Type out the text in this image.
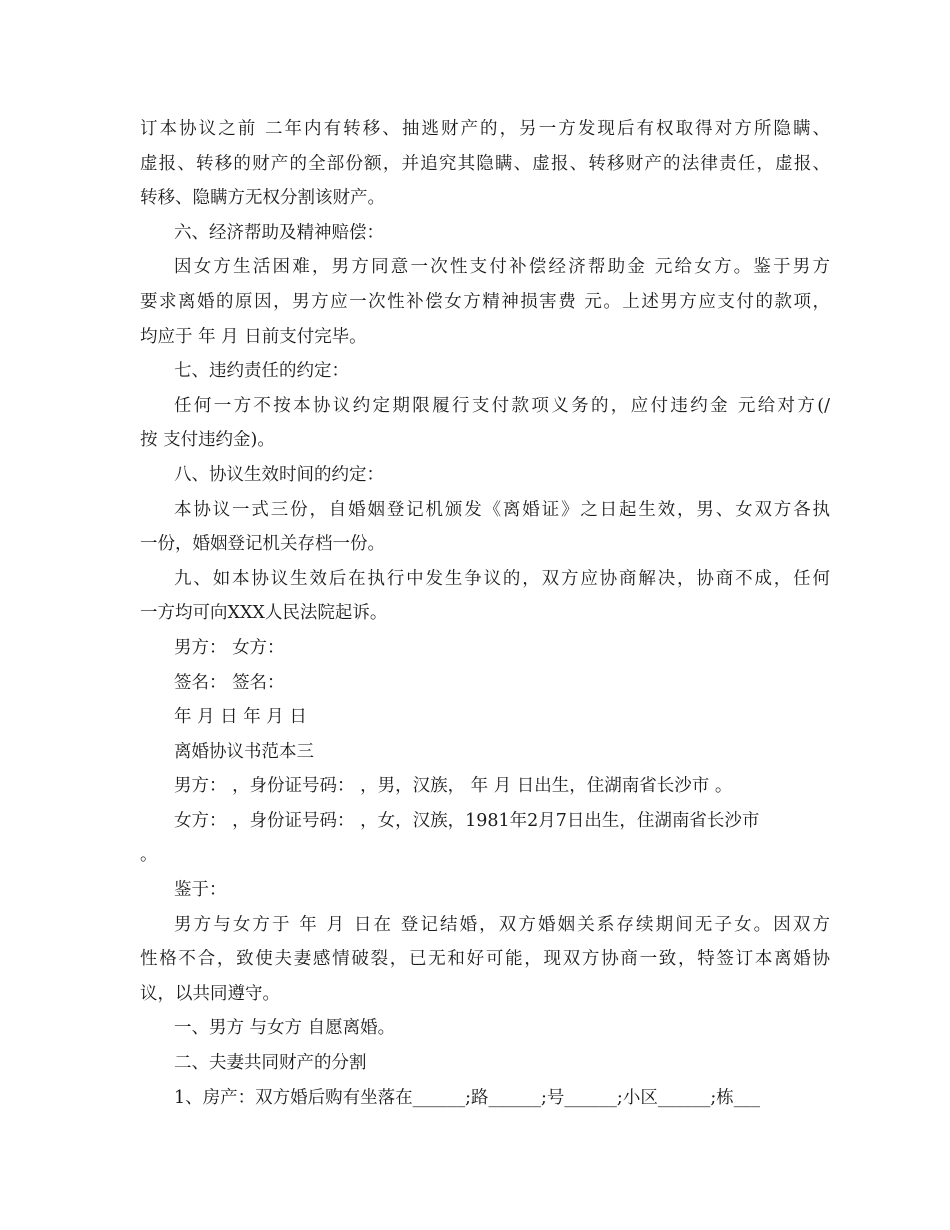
订本协议之前 二年内有转移、抽逃财产的，另一方发现后有权取得对方所隐瞒、
虚报、转移的财产的全部份额，并追究其隐瞒、虚报、转移财产的法律责任，虚报、
转移、隐瞒方无权分割该财产。
六、经济帮助及精神赔偿：
因女方生活困难，男方同意一次性支付补偿经济帮助金 元给女方。鉴于男方
要求离婚的原因，男方应一次性补偿女方精神损害费 元。上述男方应支付的款项，
均应于 年 月 日前支付完毕。
七、违约责任的约定：
任何一方不按本协议约定期限履行支付款项义务的，应付违约金 元给对方(/
按 支付违约金)。
八、协议生效时间的约定：
本协议一式三份，自婚姻登记机颁发《离婚证》之日起生效，男、女双方各执
一份，婚姻登记机关存档一份。
九、如本协议生效后在执行中发生争议的，双方应协商解决，协商不成，任何
一方均可向XXX人民法院起诉。
男方： 女方：
签名： 签名：
年 月 日 年 月 日
离婚协议书范本三
男方： ，身份证号码： ，男，汉族， 年 月 日出生，住湖南省长沙市 。
女方： ，身份证号码： ，女，汉族，1981年2月7日出生，住湖南省长沙市
。
鉴于：
男方与女方于 年 月 日在 登记结婚，双方婚姻关系存续期间无子女。因双方
性格不合，致使夫妻感情破裂，已无和好可能，现双方协商一致，特签订本离婚协
议，以共同遵守。
一、男方 与女方 自愿离婚。
二、夫妻共同财产的分割
1、房产：双方婚后购有坐落在______;路______;号______;小区______;栋___
